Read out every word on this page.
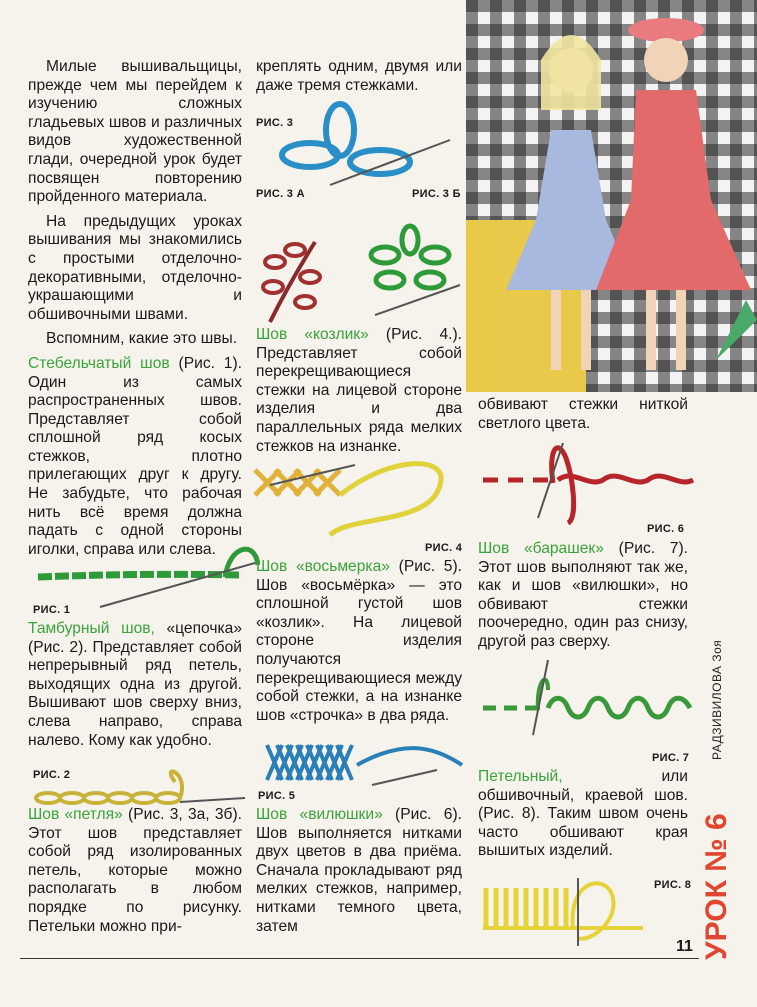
Милые вышивальщицы, прежде чем мы перейдем к изучению сложных гладьевых швов и различных видов художественной глади, очередной урок будет посвящен повторению пройденного материала.

На предыдущих уроках вышивания мы знакомились с простыми отделочно-декоративными, отделочно-украшающими и обшивочными швами.

Вспомним, какие это швы.

Стебельчатый шов (Рис. 1). Один из самых распространенных швов. Представляет собой сплошной ряд косых стежков, плотно прилегающих друг к другу. Не забудьте, что рабочая нить всё время должна падать с одной стороны иголки, справа или слева.

РИС. 1

Тамбурный шов, «цепочка» (Рис. 2). Представляет собой непрерывный ряд петель, выходящих одна из другой. Вышивают шов сверху вниз, слева направо, справа налево. Кому как удобно.

РИС. 2

Шов «петля» (Рис. 3, 3а, 3б). Этот шов представляет собой ряд изолированных петель, которые можно располагать в любом порядке по рисунку. Петельки можно при-

креплять одним, двумя или даже тремя стежками.

РИС. 3
РИС. 3 А	РИС. 3 Б

Шов «козлик» (Рис. 4.). Представляет собой перекрещивающиеся стежки на лицевой стороне изделия и два параллельных ряда мелких стежков на изнанке.

РИС. 4

Шов «восьмерка» (Рис. 5). Шов «восьмёрка» — это сплошной густой шов «козлик». На лицевой стороне изделия получаются перекрещивающиеся между собой стежки, а на изнанке шов «строчка» в два ряда.

РИС. 5

Шов «вилюшки» (Рис. 6). Шов выполняется нитками двух цветов в два приёма. Сначала прокладывают ряд мелких стежков, например, нитками темного цвета, затем

обвивают стежки ниткой светлого цвета.

РИС. 6

Шов «барашек» (Рис. 7). Этот шов выполняют так же, как и шов «вилюшки», но обвивают стежки поочередно, один раз снизу, другой раз сверху.

РИС. 7

Петельный, или обшивочный, краевой шов. (Рис. 8). Таким швом очень часто обшивают края вышитых изделий.

РИС. 8 УРОК № 6
РАДЗИВИЛОВА Зоя
11
